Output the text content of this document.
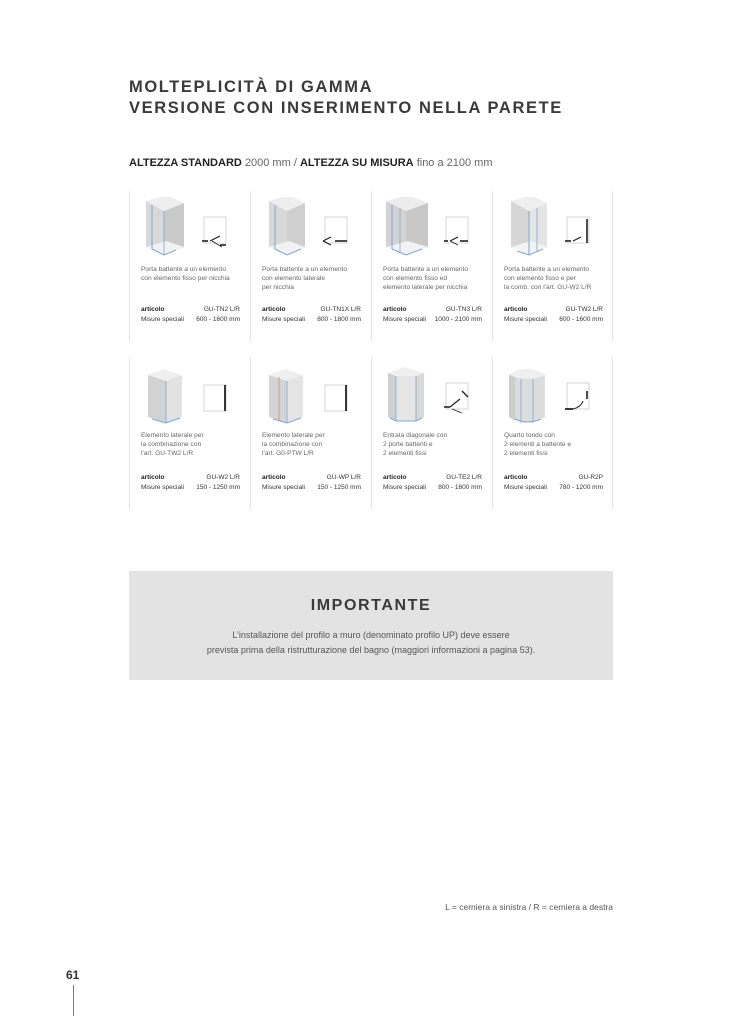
MOLTEPLICITÀ DI GAMMA
VERSIONE CON INSERIMENTO NELLA PARETE
ALTEZZA STANDARD 2000 mm / ALTEZZA SU MISURA fino a 2100 mm
Porta battente a un elemento
con elemento fisso per nicchia
articolo	GU-TN2 L/R
Misure speciali 600 - 1600 mm
Porta battente a un elemento
con elemento laterale
per nicchia
articolo	GU-TN1X L/R
Misure speciali 800 - 1800 mm
Porta battente a un elemento
con elemento fisso ed
elemento laterale per nicchia
articolo	GU-TN3 L/R
Misure speciali 1000 - 2100 mm
Porta battente a un elemento
con elemento fisso e per
la comb. con l'art. GU-W2 L/R
articolo	GU-TW2 L/R
Misure speciali 600 - 1600 mm
Elemento laterale per
la combinazione con
l'art. GU-TW2 L/R
articolo	GU-W2 L/R
Misure speciali 150 - 1250 mm
Elemento laterale per
la combinazione con
l'art. G0-PTW L/R
articolo	GU-WP L/R
Misure speciali 150 - 1250 mm
Entrata diagonale con
2 porte battenti e
2 elementi fissi
articolo	GU-TE2 L/R
Misure speciali 800 - 1600 mm
Quarto tondo con
2 elementi a battente e
2 elementi fissi
articolo	GU-R2P
Misure speciali 780 - 1200 mm
IMPORTANTE
L’installazione del profilo a muro (denominato profilo UP) deve essere
prevista prima della ristrutturazione del bagno (maggiori informazioni a pagina 53).
L = cerniera a sinistra / R = cerniera a destra
61
